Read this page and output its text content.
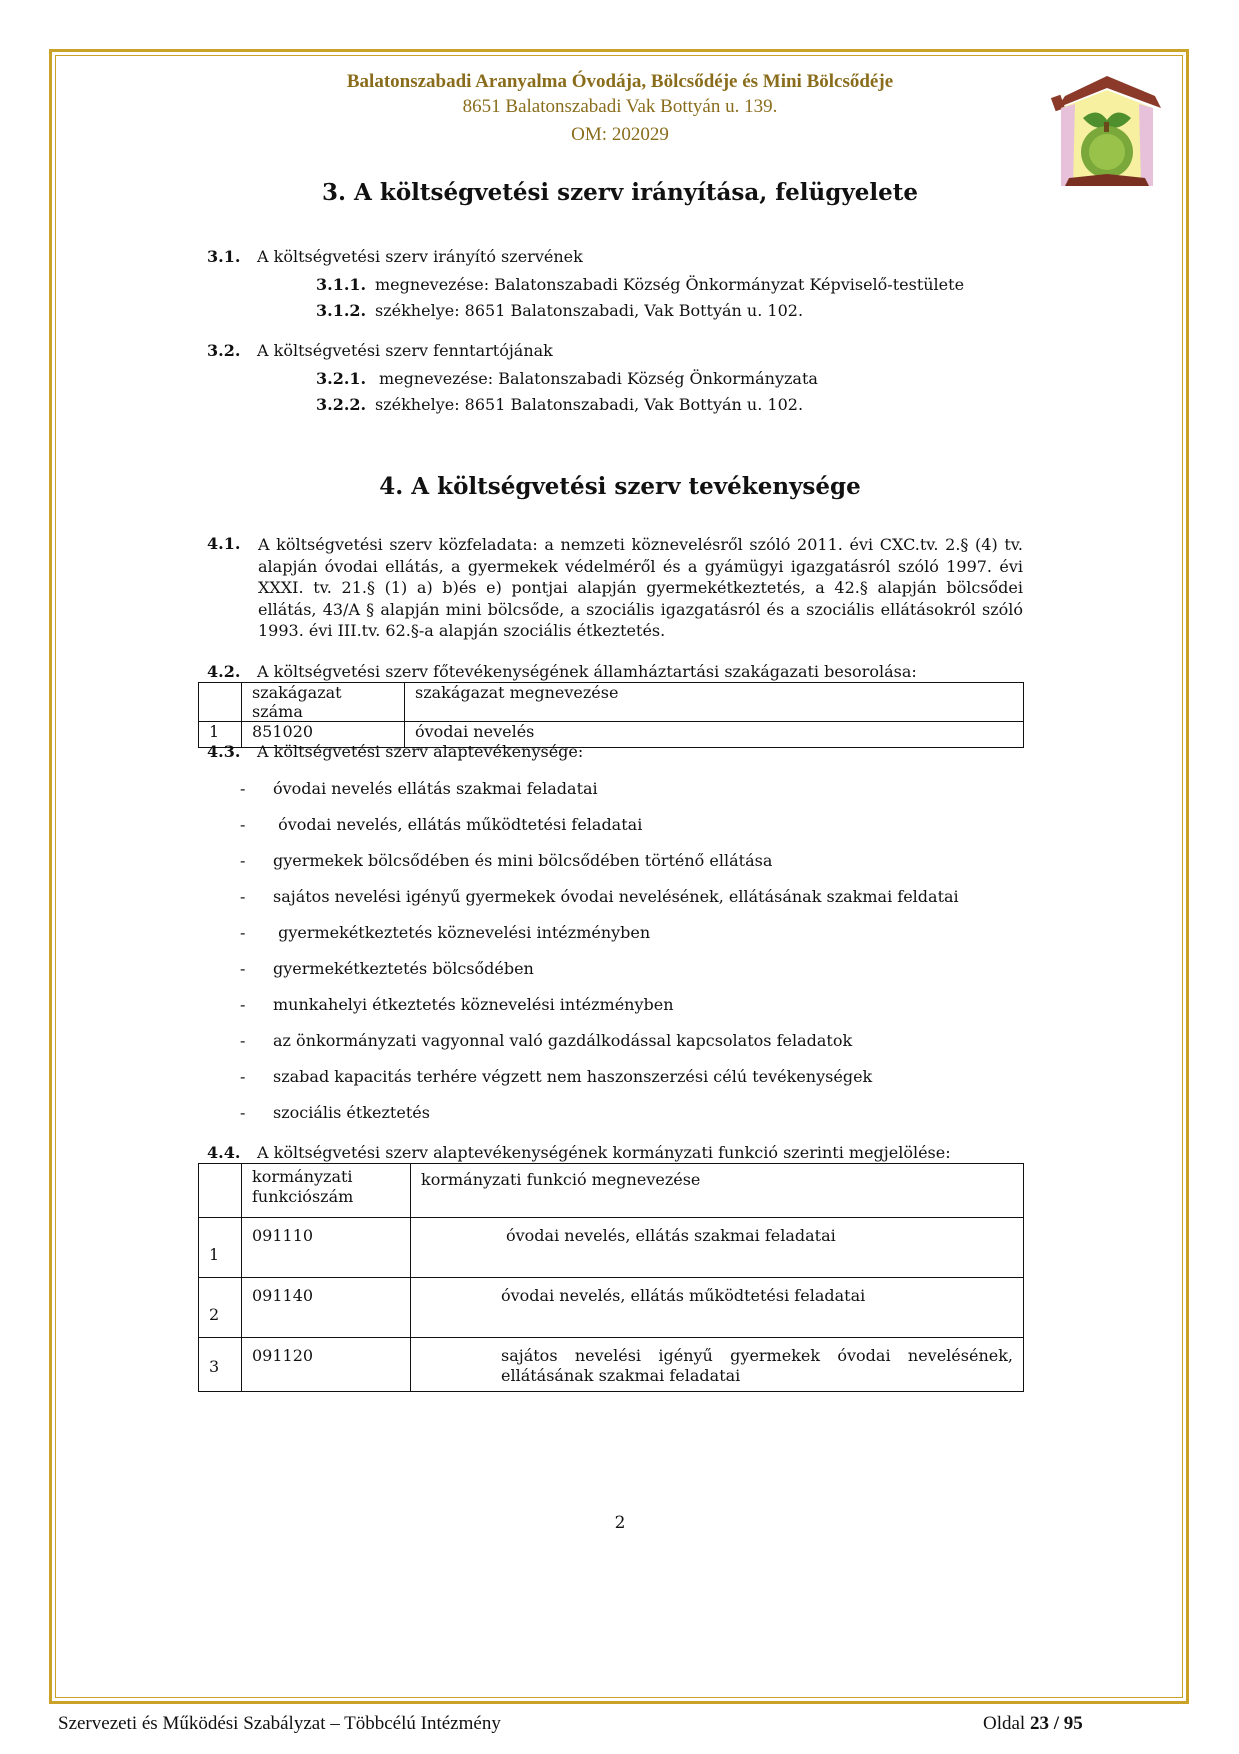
Balatonszabadi Aranyalma Óvodája, Bölcsődéje és Mini Bölcsődéje
8651 Balatonszabadi Vak Bottyán u. 139.
OM: 202029
3. A költségvetési szerv irányítása, felügyelete
3.1. A költségvetési szerv irányító szervének
3.1.1. megnevezése: Balatonszabadi Község Önkormányzat Képviselő-testülete
3.1.2. székhelye: 8651 Balatonszabadi, Vak Bottyán u. 102.
3.2. A költségvetési szerv fenntartójának
3.2.1. megnevezése: Balatonszabadi Község Önkormányzata
3.2.2. székhelye: 8651 Balatonszabadi, Vak Bottyán u. 102.
4. A költségvetési szerv tevékenysége
4.1. A költségvetési szerv közfeladata: a nemzeti köznevelésről szóló 2011. évi CXC.tv. 2.§ (4) tv. alapján óvodai ellátás, a gyermekek védelméről és a gyámügyi igazgatásról szóló 1997. évi XXXI. tv. 21.§ (1) a) b)és e) pontjai alapján gyermekétkeztetés, a 42.§ alapján bölcsődei ellátás, 43/A § alapján mini bölcsőde, a szociális igazgatásról és a szociális ellátásokról szóló 1993. évi III.tv. 62.§-a alapján szociális étkeztetés.
4.2. A költségvetési szerv főtevékenységének államháztartási szakágazati besorolása:
	szakágazat száma	szakágazat megnevezése
1	851020	óvodai nevelés
4.3. A költségvetési szerv alaptevékenysége:
- óvodai nevelés ellátás szakmai feladatai
- óvodai nevelés, ellátás működtetési feladatai
- gyermekek bölcsődében és mini bölcsődében történő ellátása
- sajátos nevelési igényű gyermekek óvodai nevelésének, ellátásának szakmai feldatai
- gyermekétkeztetés köznevelési intézményben
- gyermekétkeztetés bölcsődében
- munkahelyi étkeztetés köznevelési intézményben
- az önkormányzati vagyonnal való gazdálkodással kapcsolatos feladatok
- szabad kapacitás terhére végzett nem haszonszerzési célú tevékenységek
- szociális étkeztetés
4.4. A költségvetési szerv alaptevékenységének kormányzati funkció szerinti megjelölése:
	kormányzati funkciószám	kormányzati funkció megnevezése
1	091110	óvodai nevelés, ellátás szakmai feladatai
2	091140	óvodai nevelés, ellátás működtetési feladatai
3	091120	sajátos nevelési igényű gyermekek óvodai nevelésének, ellátásának szakmai feladatai
2
Szervezeti és Működési Szabályzat – Többcélú Intézmény	Oldal 23 / 95
